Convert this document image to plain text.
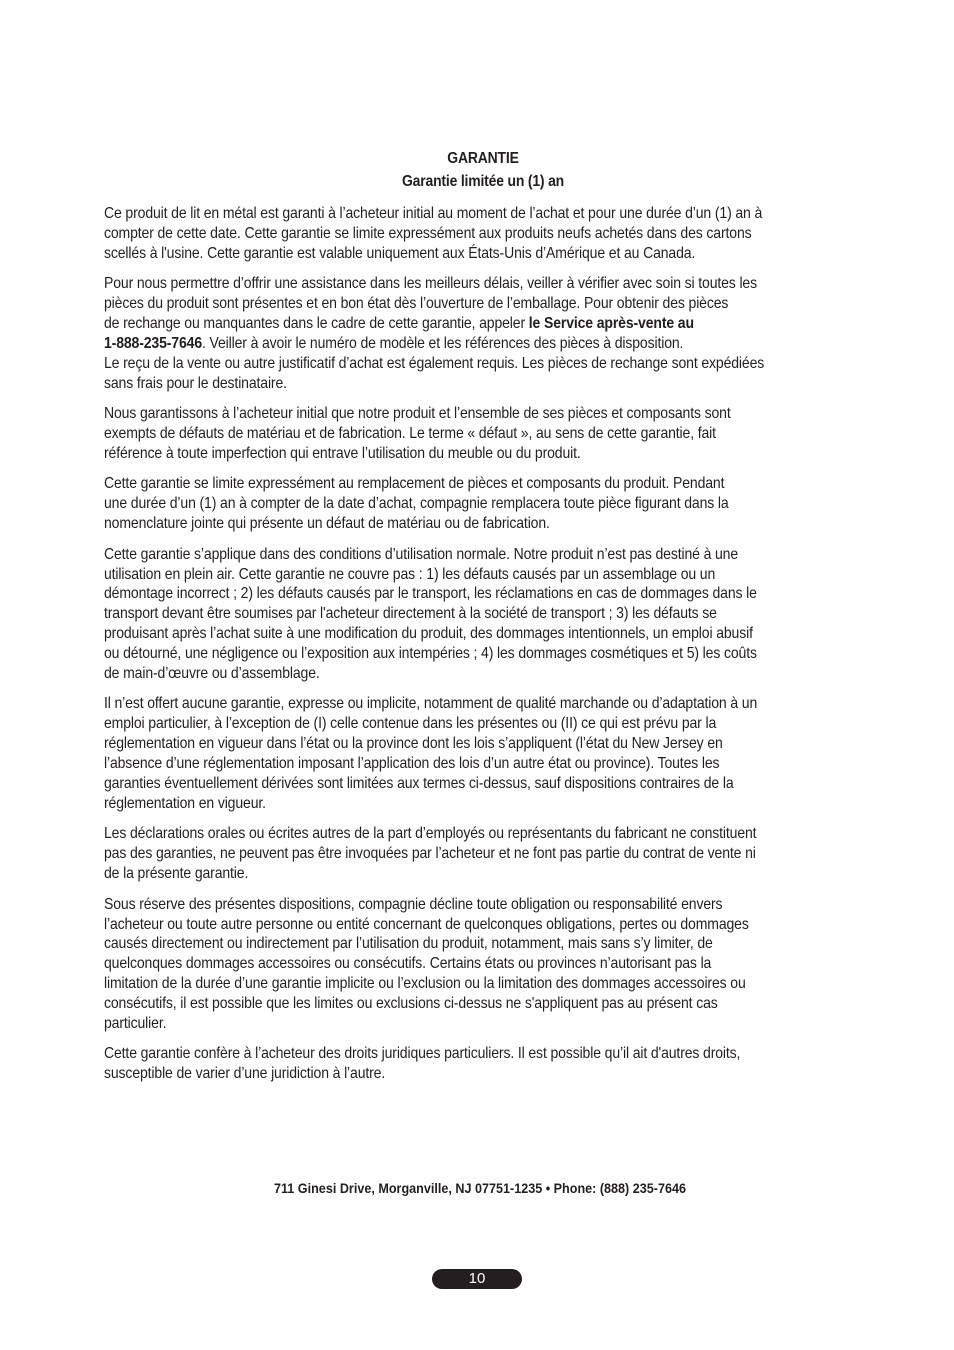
GARANTIE
Garantie limitée un (1) an

Ce produit de lit en métal est garanti à l’acheteur initial au moment de l’achat et pour une durée d’un (1) an à
compter de cette date. Cette garantie se limite expressément aux produits neufs achetés dans des cartons
scellés à l'usine. Cette garantie est valable uniquement aux États-Unis d’Amérique et au Canada.

Pour nous permettre d’offrir une assistance dans les meilleurs délais, veiller à vérifier avec soin si toutes les
pièces du produit sont présentes et en bon état dès l’ouverture de l’emballage. Pour obtenir des pièces
de rechange ou manquantes dans le cadre de cette garantie, appeler le Service après-vente au
1-888-235-7646. Veiller à avoir le numéro de modèle et les références des pièces à disposition.
Le reçu de la vente ou autre justificatif d’achat est également requis. Les pièces de rechange sont expédiées
sans frais pour le destinataire.

Nous garantissons à l’acheteur initial que notre produit et l’ensemble de ses pièces et composants sont
exempts de défauts de matériau et de fabrication. Le terme « défaut », au sens de cette garantie, fait
référence à toute imperfection qui entrave l’utilisation du meuble ou du produit.

Cette garantie se limite expressément au remplacement de pièces et composants du produit. Pendant
une durée d’un (1) an à compter de la date d’achat, compagnie remplacera toute pièce figurant dans la
nomenclature jointe qui présente un défaut de matériau ou de fabrication.

Cette garantie s’applique dans des conditions d’utilisation normale. Notre produit n’est pas destiné à une
utilisation en plein air. Cette garantie ne couvre pas : 1) les défauts causés par un assemblage ou un
démontage incorrect ; 2) les défauts causés par le transport, les réclamations en cas de dommages dans le
transport devant être soumises par l'acheteur directement à la société de transport ; 3) les défauts se
produisant après l’achat suite à une modification du produit, des dommages intentionnels, un emploi abusif
ou détourné, une négligence ou l’exposition aux intempéries ; 4) les dommages cosmétiques et 5) les coûts
de main-d’œuvre ou d’assemblage.

Il n’est offert aucune garantie, expresse ou implicite, notamment de qualité marchande ou d’adaptation à un
emploi particulier, à l’exception de (I) celle contenue dans les présentes ou (II) ce qui est prévu par la
réglementation en vigueur dans l’état ou la province dont les lois s’appliquent (l’état du New Jersey en
l’absence d’une réglementation imposant l’application des lois d’un autre état ou province). Toutes les
garanties éventuellement dérivées sont limitées aux termes ci-dessus, sauf dispositions contraires de la
réglementation en vigueur.

Les déclarations orales ou écrites autres de la part d’employés ou représentants du fabricant ne constituent
pas des garanties, ne peuvent pas être invoquées par l’acheteur et ne font pas partie du contrat de vente ni
de la présente garantie.

Sous réserve des présentes dispositions, compagnie décline toute obligation ou responsabilité envers
l’acheteur ou toute autre personne ou entité concernant de quelconques obligations, pertes ou dommages
causés directement ou indirectement par l’utilisation du produit, notamment, mais sans s’y limiter, de
quelconques dommages accessoires ou consécutifs. Certains états ou provinces n’autorisant pas la
limitation de la durée d’une garantie implicite ou l’exclusion ou la limitation des dommages accessoires ou
consécutifs, il est possible que les limites ou exclusions ci-dessus ne s'appliquent pas au présent cas
particulier.

Cette garantie confère à l’acheteur des droits juridiques particuliers. Il est possible qu’il ait d'autres droits,
susceptible de varier d’une juridiction à l’autre.

711 Ginesi Drive, Morganville, NJ 07751-1235 • Phone: (888) 235-7646
10
